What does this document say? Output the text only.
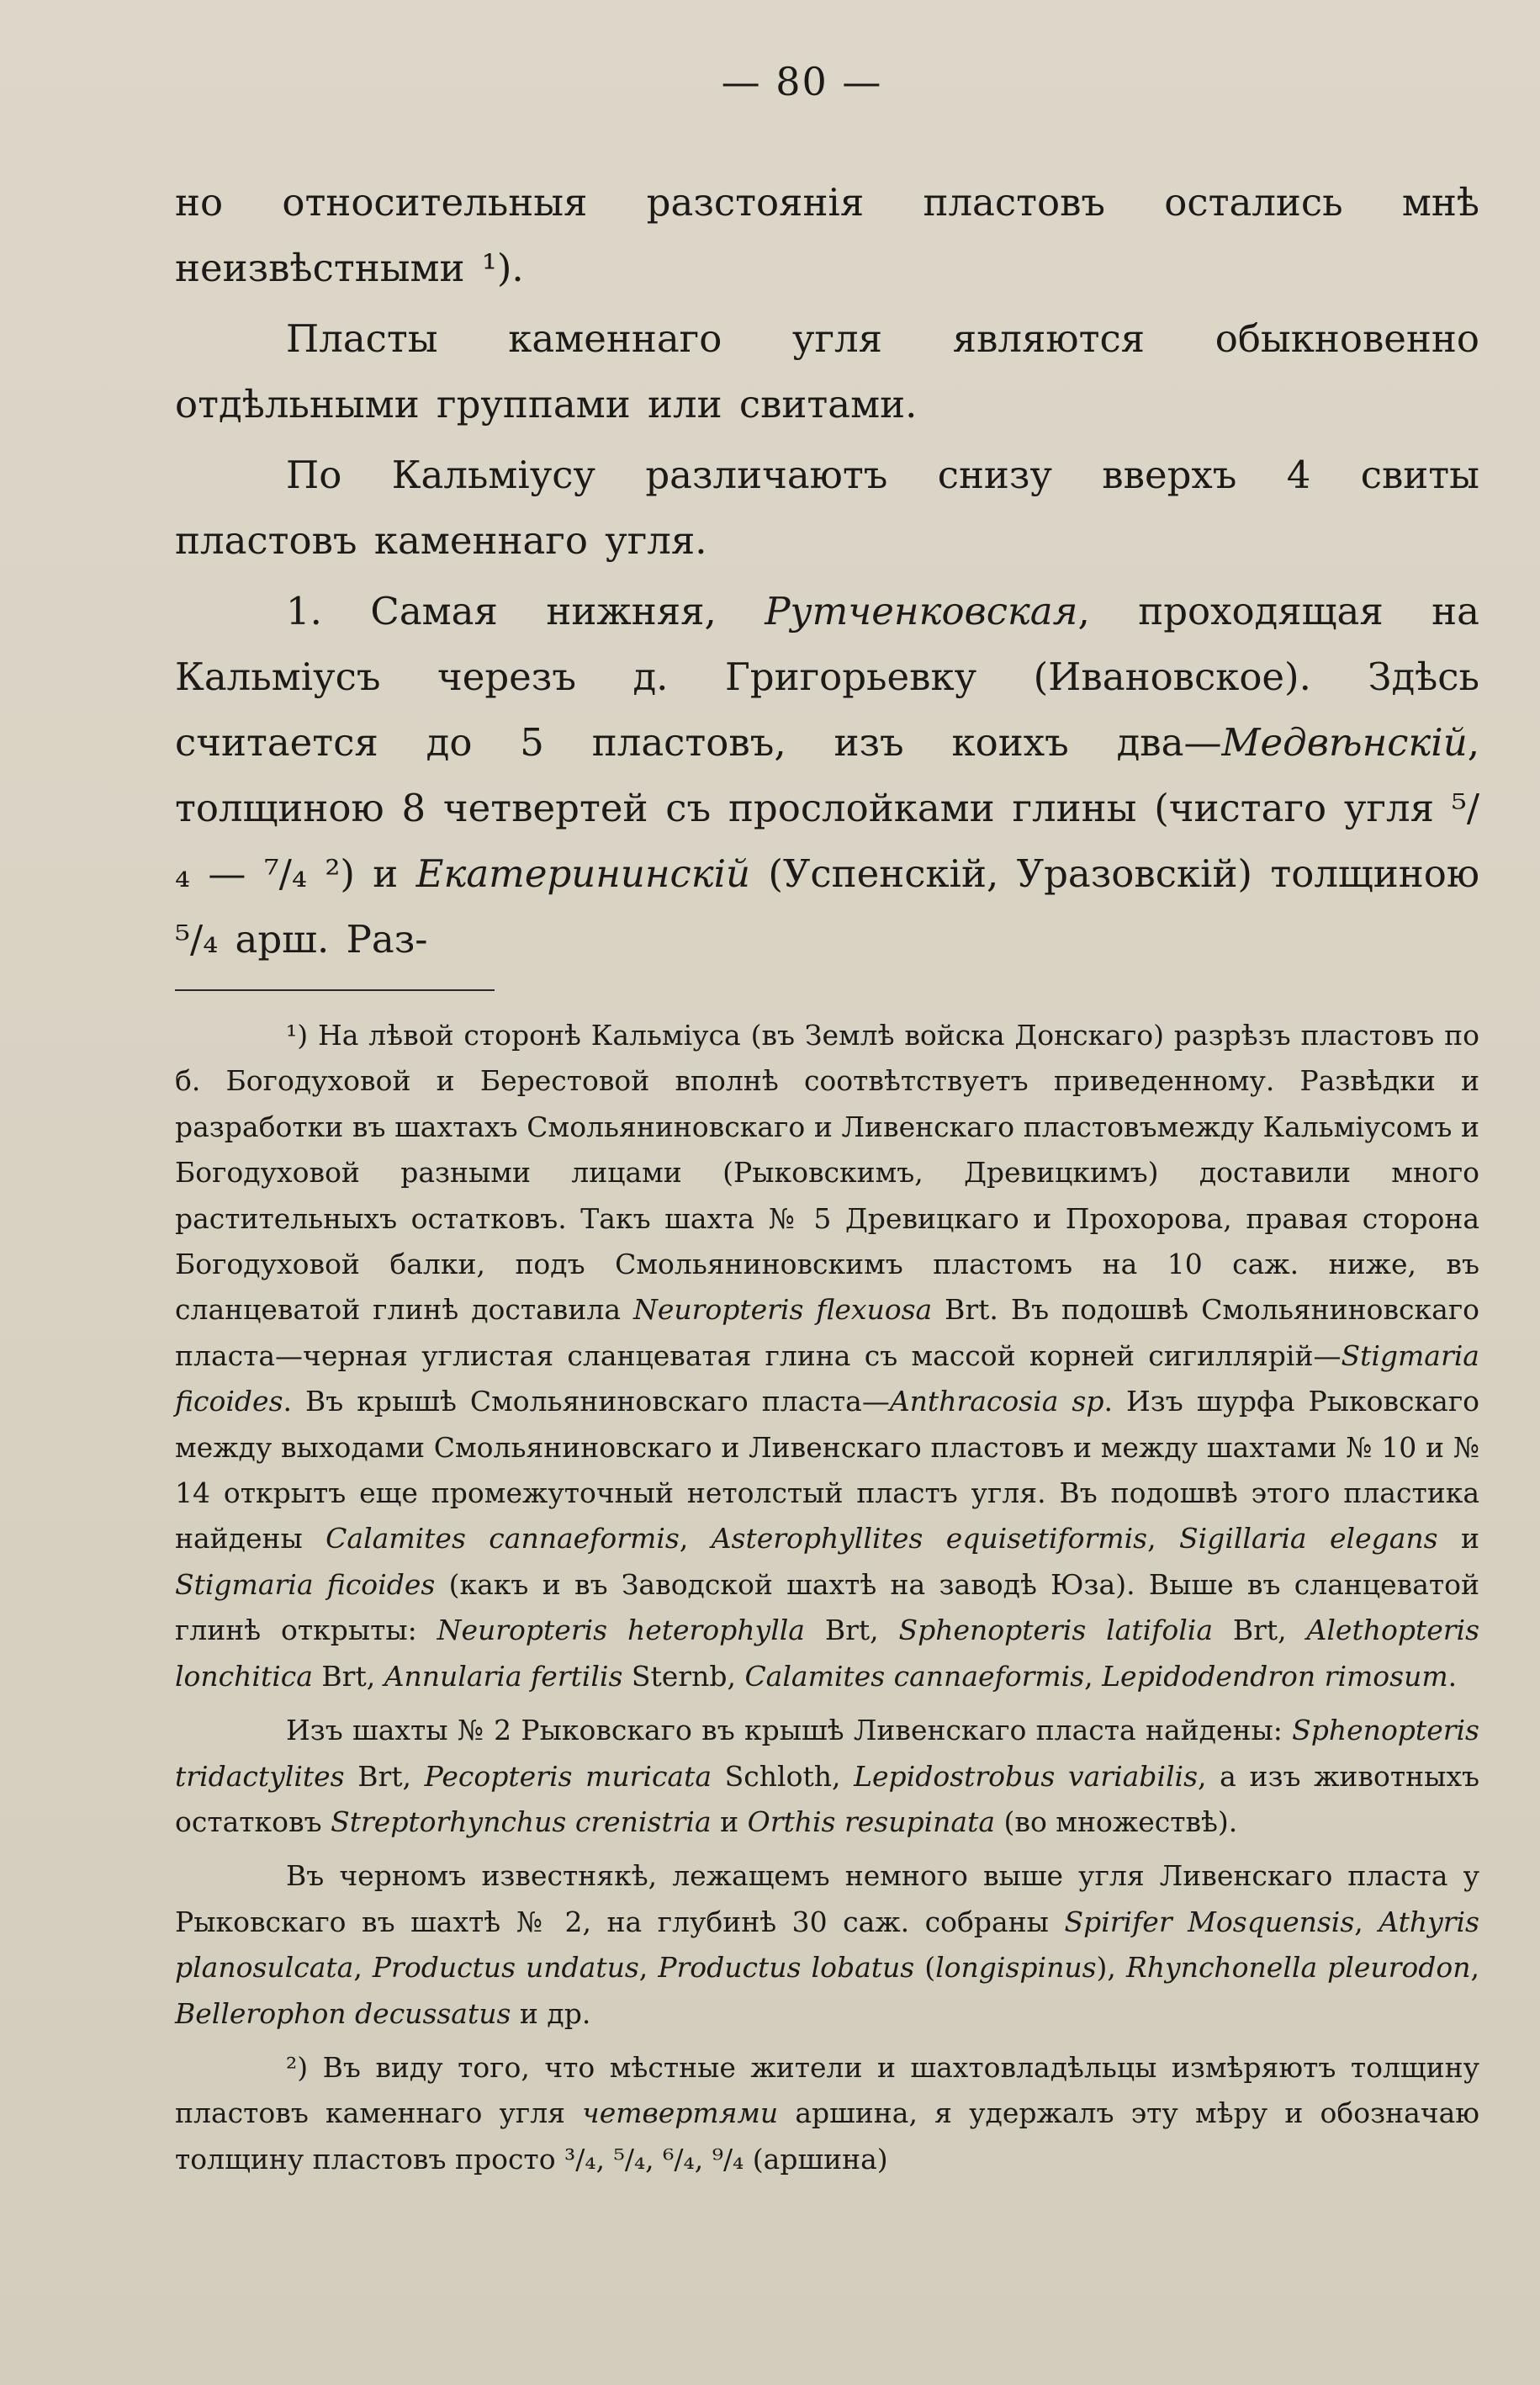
— 80 —

но относительныя разстоянія пластовъ остались мнѣ неизвѣстными ¹).

Пласты каменнаго угля являются обыкновенно отдѣльными группами или свитами.

По Кальміусу различаютъ снизу вверхъ 4 свиты пластовъ каменнаго угля.

1. Самая нижняя, Рутченковская, проходящая на Кальміусъ черезъ д. Григорьевку (Ивановское). Здѣсь считается до 5 пластовъ, изъ коихъ два—Медвѣнскій, толщиною 8 четвертей съ прослойками глины (чистаго угля ⁵/₄ — ⁷/₄ ²) и Екатерининскій (Успенскій, Уразовскій) толщиною ⁵/₄ арш. Раз-

¹) На лѣвой сторонѣ Кальміуса (въ Землѣ войска Донскаго) разрѣзъ пластовъ по б. Богодуховой и Берестовой вполнѣ соотвѣтствуетъ приведенному. Развѣдки и разработки въ шахтахъ Смольяниновскаго и Ливенскаго пластовъмежду Кальміусомъ и Богодуховой разными лицами (Рыковскимъ, Древицкимъ) доставили много растительныхъ остатковъ. Такъ шахта № 5 Древицкаго и Прохорова, правая сторона Богодуховой балки, подъ Смольяниновскимъ пластомъ на 10 саж. ниже, въ сланцеватой глинѣ доставила Neuropteris flexuosa Brt. Въ подошвѣ Смольяниновскаго пласта—черная углистая сланцеватая глина съ массой корней сигиллярій—Stigmaria ficoides. Въ крышѣ Смольяниновскаго пласта—Anthracosia sp. Изъ шурфа Рыковскаго между выходами Смольяниновскаго и Ливенскаго пластовъ и между шахтами № 10 и № 14 открытъ еще промежуточный нетолстый пластъ угля. Въ подошвѣ этого пластика найдены Calamites cannaeformis, Asterophyllites equisetiformis, Sigillaria elegans и Stigmaria ficoides (какъ и въ Заводской шахтѣ на заводѣ Юза). Выше въ сланцеватой глинѣ открыты: Neuropteris heterophylla Brt, Sphenopteris latifolia Brt, Alethopteris lonchitica Brt, Annularia fertilis Sternb, Calamites cannaeformis, Lepidodendron rimosum.

Изъ шахты № 2 Рыковскаго въ крышѣ Ливенскаго пласта найдены: Sphenopteris tridactylites Brt, Pecopteris muricata Schloth, Lepidostrobus variabilis, а изъ животныхъ остатковъ Streptorhynchus crenistria и Orthis resupinata (во множествѣ).

Въ черномъ известнякѣ, лежащемъ немного выше угля Ливенскаго пласта у Рыковскаго въ шахтѣ № 2, на глубинѣ 30 саж. собраны Spirifer Mosquensis, Athyris planosulcata, Productus undatus, Productus lobatus (longispinus), Rhynchonella pleurodon, Bellerophon decussatus и др.

²) Въ виду того, что мѣстные жители и шахтовладѣльцы измѣряютъ толщину пластовъ каменнаго угля четвертями аршина, я удержалъ эту мѣру и обозначаю толщину пластовъ просто ³/₄, ⁵/₄, ⁶/₄, ⁹/₄ (аршина)
